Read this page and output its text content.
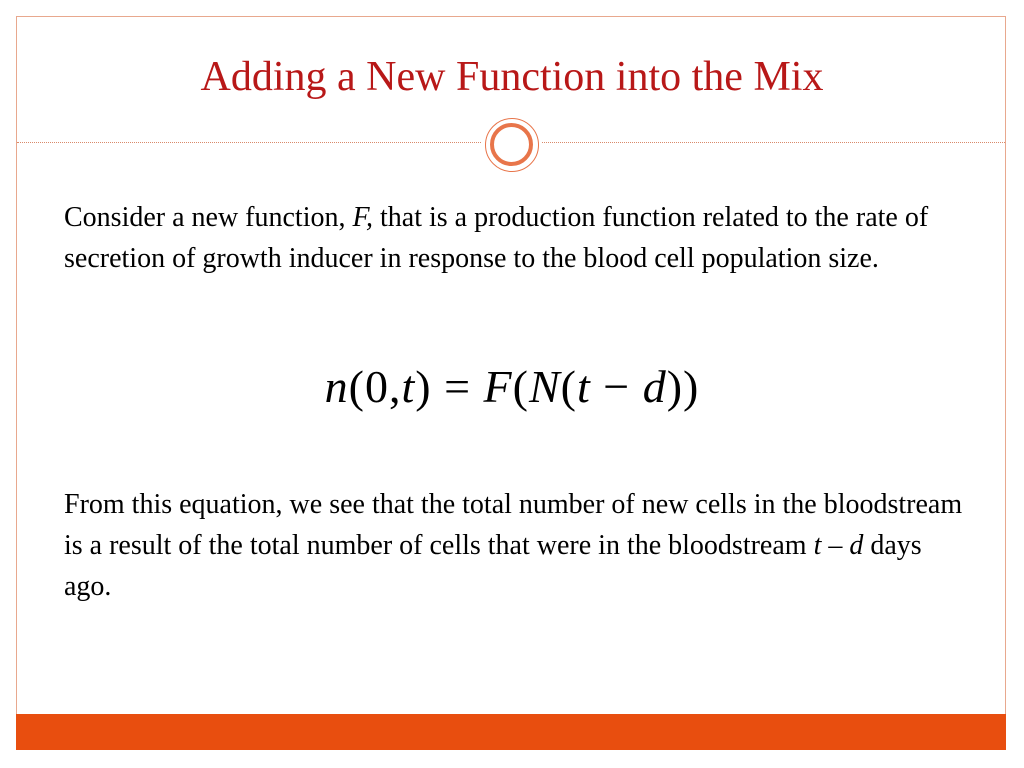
Adding a New Function into the Mix

Consider a new function, F, that is a production function related to the rate of secretion of growth inducer in response to the blood cell population size.

n(0,t) = F(N(t − d))

From this equation, we see that the total number of new cells in the bloodstream is a result of the total number of cells that were in the bloodstream t – d days ago.
